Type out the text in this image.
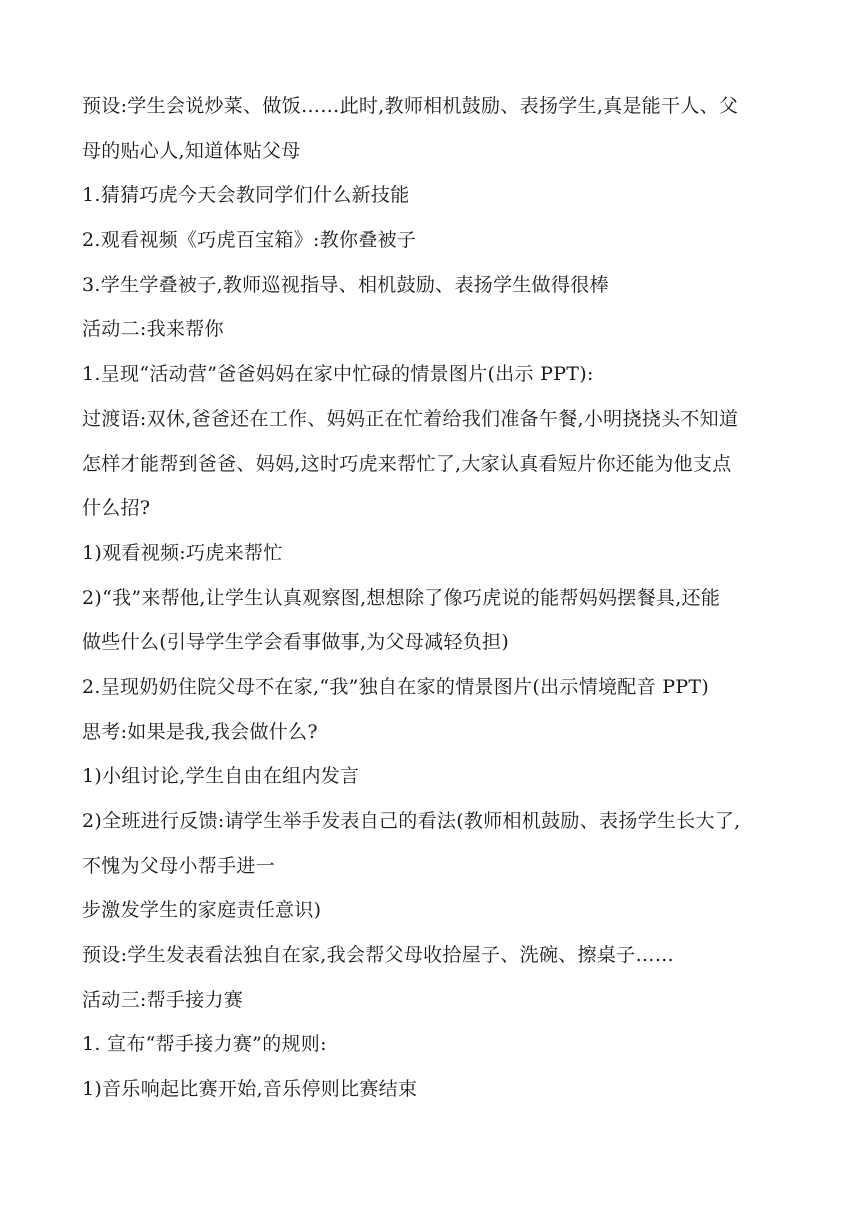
预设:学生会说炒菜、做饭……此时,教师相机鼓励、表扬学生,真是能干人、父
母的贴心人,知道体贴父母
1.猜猜巧虎今天会教同学们什么新技能
2.观看视频《巧虎百宝箱》:教你叠被子
3.学生学叠被子,教师巡视指导、相机鼓励、表扬学生做得很棒
活动二:我来帮你
1.呈现“活动营”爸爸妈妈在家中忙碌的情景图片(出示 PPT):
过渡语:双休,爸爸还在工作、妈妈正在忙着给我们准备午餐,小明挠挠头不知道
怎样才能帮到爸爸、妈妈,这时巧虎来帮忙了,大家认真看短片你还能为他支点
什么招?
1)观看视频:巧虎来帮忙
2)“我”来帮他,让学生认真观察图,想想除了像巧虎说的能帮妈妈摆餐具,还能
做些什么(引导学生学会看事做事,为父母减轻负担)
2.呈现奶奶住院父母不在家,“我”独自在家的情景图片(出示情境配音 PPT)
思考:如果是我,我会做什么?
1)小组讨论,学生自由在组内发言
2)全班进行反馈:请学生举手发表自己的看法(教师相机鼓励、表扬学生长大了,
不愧为父母小帮手进一
步激发学生的家庭责任意识)
预设:学生发表看法独自在家,我会帮父母收拾屋子、洗碗、擦桌子……
活动三:帮手接力赛
1. 宣布“帮手接力赛”的规则:
1)音乐响起比赛开始,音乐停则比赛结束
